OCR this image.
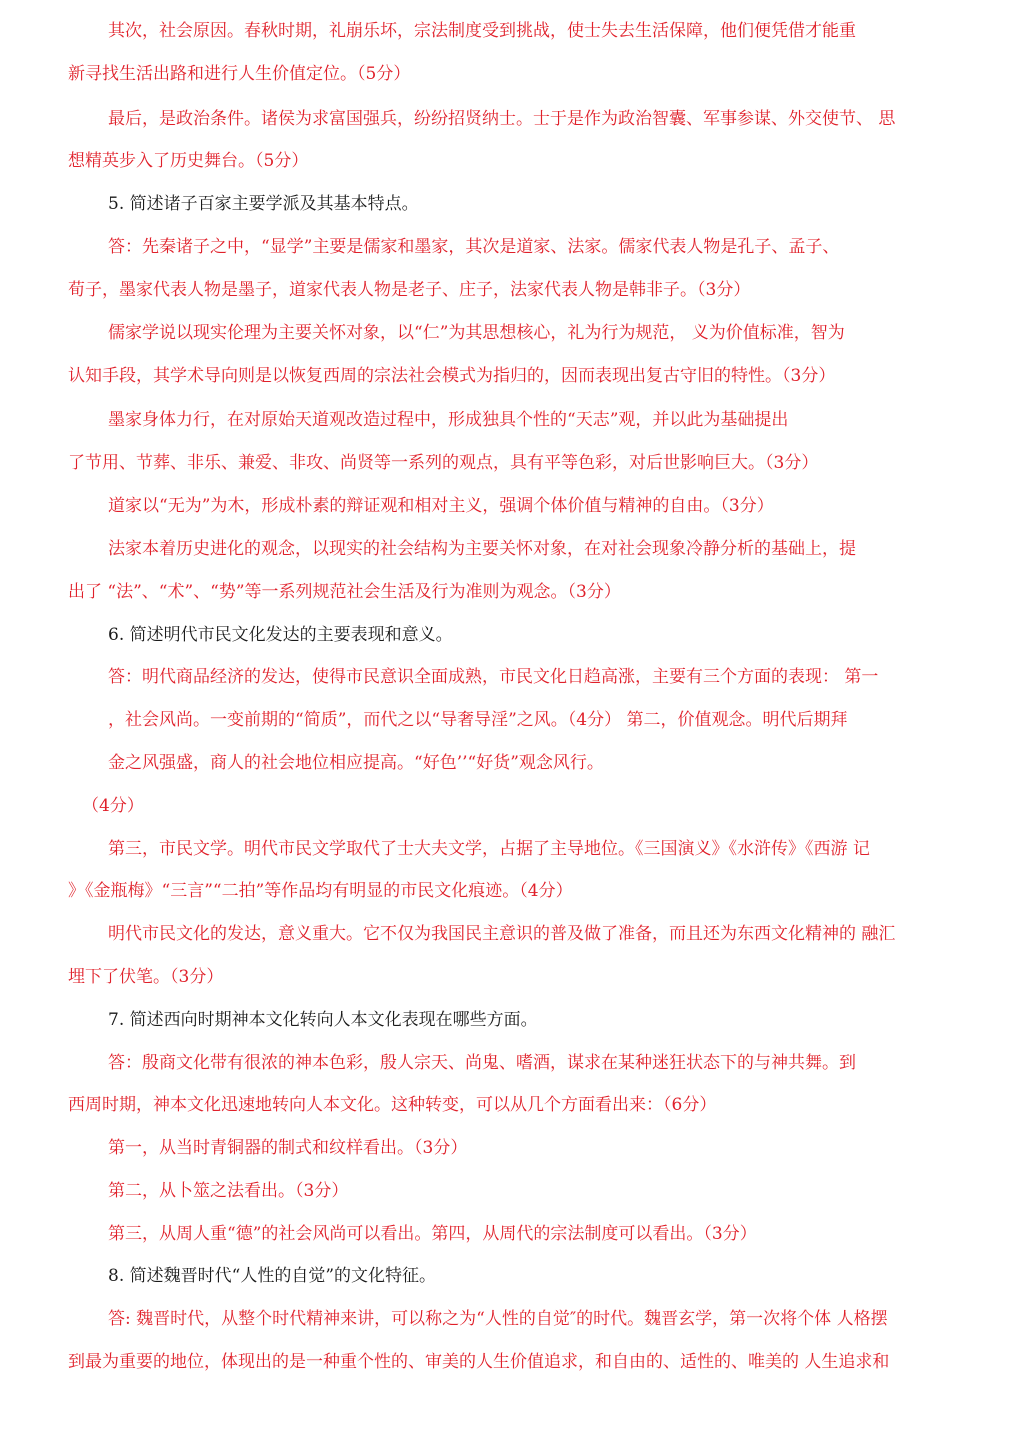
其次，社会原因。春秋时期，礼崩乐坏，宗法制度受到挑战，使士失去生活保障，他们便凭借才能重

新寻找生活出路和进行人生价值定位。（5分）

最后，是政治条件。诸侯为求富国强兵，纷纷招贤纳士。士于是作为政治智囊、军事参谋、外交使节、 思

想精英步入了历史舞台。（5分）

5. 简述诸子百家主要学派及其基本特点。

答：先秦诸子之中，“显学”主要是儒家和墨家，其次是道家、法家。儒家代表人物是孔子、孟子、

荀子，墨家代表人物是墨子，道家代表人物是老子、庄子，法家代表人物是韩非子。（3分）

儒家学说以现实伦理为主要关怀对象，以“仁”为其思想核心，礼为行为规范， 义为价值标准，智为

认知手段，其学术导向则是以恢复西周的宗法社会模式为指归的，因而表现出复古守旧的特性。（3分）

墨家身体力行，在对原始天道观改造过程中，形成独具个性的“天志”观，并以此为基础提出

了节用、节葬、非乐、兼爱、非攻、尚贤等一系列的观点，具有平等色彩，对后世影响巨大。（3分）

道家以“无为”为木，形成朴素的辩证观和相对主义，强调个体价值与精神的自由。（3分）

法家本着历史进化的观念，以现实的社会结构为主要关怀对象，在对社会现象冷静分析的基础上，提

出了 “法”、“术”、“势”等一系列规范社会生活及行为准则为观念。（3分）

6. 简述明代市民文化发达的主要表现和意义。

答：明代商品经济的发达，使得市民意识全面成熟，市民文化日趋高涨，主要有三个方面的表现： 第一

，社会风尚。一变前期的“简质”，而代之以“导奢导淫”之风。（4分） 第二，价值观念。明代后期拜

金之风强盛，商人的社会地位相应提高。“好色’’“好货”观念风行。

（4分）

第三，市民文学。明代市民文学取代了士大夫文学，占据了主导地位。《三国演义》《水浒传》《西游 记

》《金瓶梅》“三言”“二拍”等作品均有明显的市民文化痕迹。（4分）

明代市民文化的发达，意义重大。它不仅为我国民主意识的普及做了准备，而且还为东西文化精神的 融汇

埋下了伏笔。（3分）

7. 简述西向时期神本文化转向人本文化表现在哪些方面。

答：殷商文化带有很浓的神本色彩，殷人宗天、尚鬼、嗜酒，谋求在某种迷狂状态下的与神共舞。到

西周时期，神本文化迅速地转向人本文化。这种转变，可以从几个方面看出来：（6分）

第一，从当时青铜器的制式和纹样看出。（3分）

第二，从卜筮之法看出。（3分）

第三，从周人重“德”的社会风尚可以看出。第四，从周代的宗法制度可以看出。（3分）

8. 简述魏晋时代“人性的自觉”的文化特征。

答: 魏晋时代，从整个时代精神来讲，可以称之为“人性的自觉″的时代。魏晋玄学，第一次将个体 人格摆

到最为重要的地位，体现出的是一种重个性的、审美的人生价值追求，和自由的、适性的、唯美的 人生追求和
